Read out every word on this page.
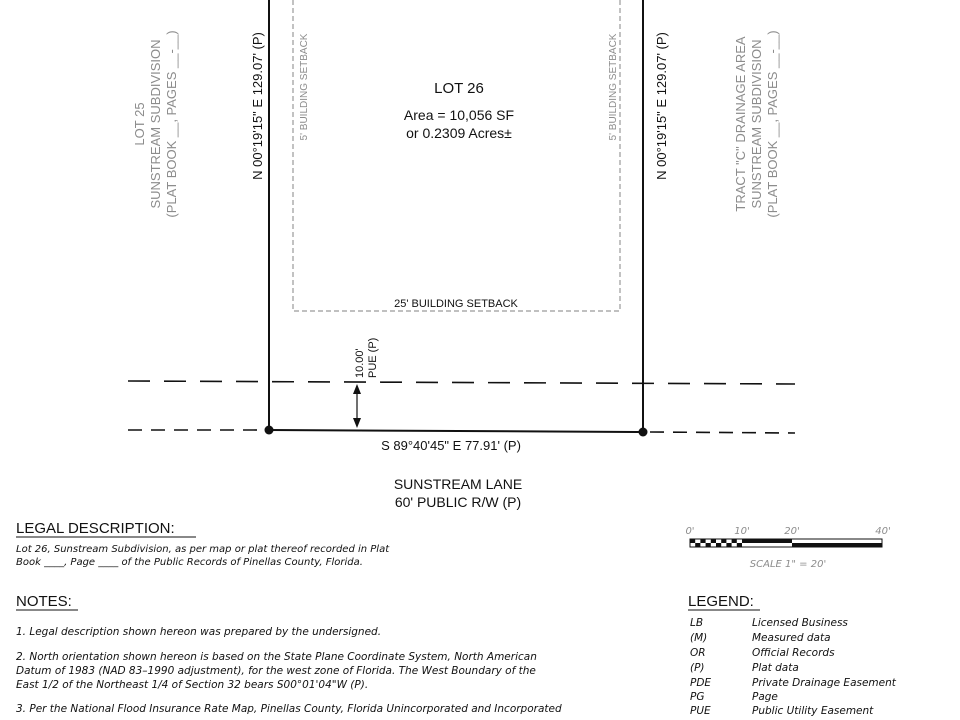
10.00' PUE (P)
LOT 26
Area = 10,056 SF
or 0.2309 Acres±
5' BUILDING SETBACK	5' BUILDING SETBACK
25' BUILDING SETBACK
N 00°19'15" E 129.07' (P)	N 00°19'15" E 129.07' (P)
S 89°40'45" E 77.91' (P)
SUNSTREAM LANE
60' PUBLIC R/W (P)
LOT 25 SUNSTREAM SUBDIVISION (PLAT BOOK __, PAGES __-__)	TRACT "C" DRAINAGE AREA SUNSTREAM SUBDIVISION (PLAT BOOK __, PAGES __-__)
LEGAL DESCRIPTION:
Lot 26, Sunstream Subdivision, as per map or plat thereof recorded in Plat
Book ____, Page ____ of the Public Records of Pinellas County, Florida.
0'	10'	20'	40'
SCALE 1" = 20'
NOTES:
1. Legal description shown hereon was prepared by the undersigned.
2. North orientation shown hereon is based on the State Plane Coordinate System, North American
Datum of 1983 (NAD 83–1990 adjustment), for the west zone of Florida. The West Boundary of the
East 1/2 of the Northeast 1/4 of Section 32 bears S00°01'04"W (P).
3. Per the National Flood Insurance Rate Map, Pinellas County, Florida Unincorporated and Incorporated
LEGEND:
LB	Licensed Business
(M)	Measured data
OR	Official Records
(P)	Plat data
PDE	Private Drainage Easement
PG	Page
PUE	Public Utility Easement
